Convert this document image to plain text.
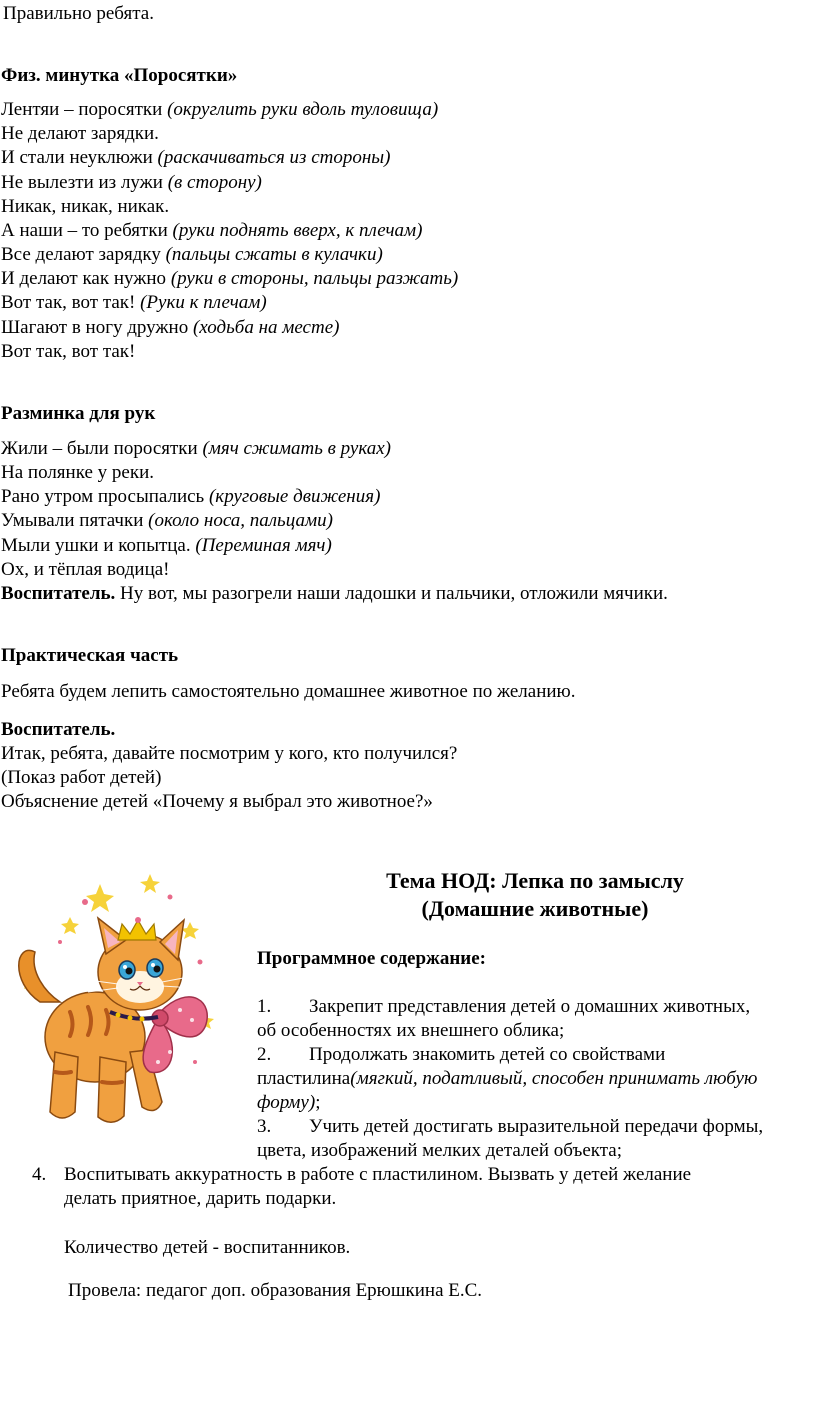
Правильно ребята.
Физ. минутка «Поросятки»
Лентяи – поросятки (округлить руки вдоль туловища)
Не делают зарядки.
И стали неуклюжи (раскачиваться из стороны)
Не вылезти из лужи (в сторону)
Никак, никак, никак.
А наши – то ребятки (руки поднять вверх, к плечам)
Все делают зарядку (пальцы сжаты в кулачки)
И делают как нужно (руки в стороны, пальцы разжать)
Вот так, вот так! (Руки к плечам)
Шагают в ногу дружно (ходьба на месте)
Вот так, вот так!
Разминка для рук
Жили – были поросятки (мяч сжимать в руках)
На полянке у реки.
Рано утром просыпались (круговые движения)
Умывали пятачки (около носа, пальцами)
Мыли ушки и копытца. (Переминая мяч)
Ох, и тёплая водица!
Воспитатель. Ну вот, мы разогрели наши ладошки и пальчики, отложили мячики.
Практическая часть
Ребята будем лепить самостоятельно домашнее животное по желанию.
Воспитатель.
Итак, ребята, давайте посмотрим у кого, кто получился?
(Показ работ детей)
Объяснение детей «Почему я выбрал это животное?»
Тема НОД: Лепка по замыслу
(Домашние животные)
Программное содержание:
1. Закрепит представления детей о домашних животных,
об особенностях их внешнего облика;
2. Продолжать знакомить детей со свойствами
пластилина(мягкий, податливый, способен принимать любую
форму);
3. Учить детей достигать выразительной передачи формы,
цвета, изображений мелких деталей объекта;
4. Воспитывать аккуратность в работе с пластилином. Вызвать у детей желание
делать приятное, дарить подарки.
Количество детей - воспитанников.
Провела: педагог доп. образования Ерюшкина Е.С.
